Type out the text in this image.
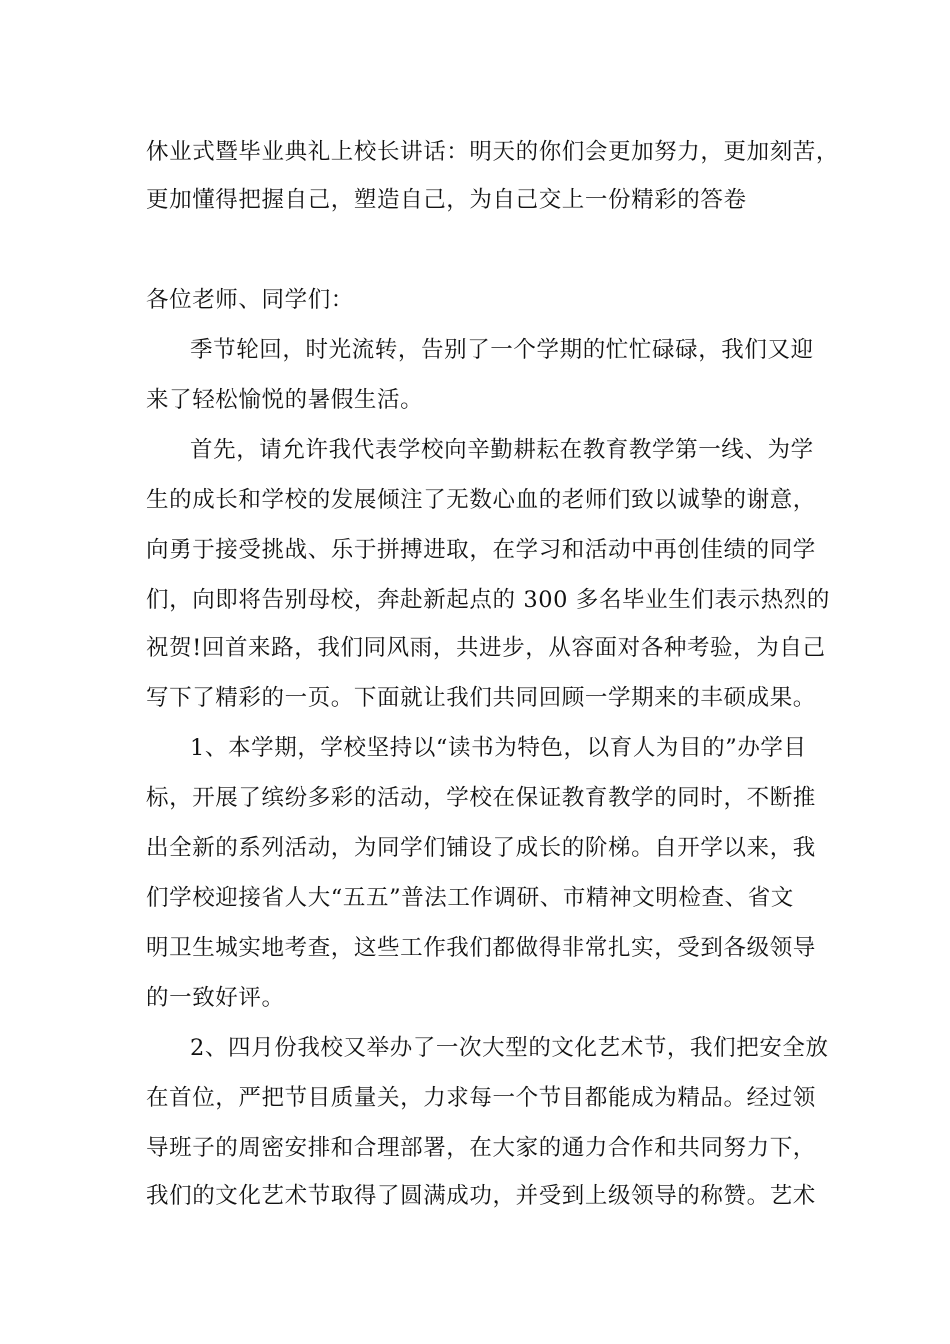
休业式暨毕业典礼上校长讲话：明天的你们会更加努力，更加刻苦，
更加懂得把握自己，塑造自己，为自己交上一份精彩的答卷
各位老师、同学们：
季节轮回，时光流转，告别了一个学期的忙忙碌碌，我们又迎
来了轻松愉悦的暑假生活。
首先，请允许我代表学校向辛勤耕耘在教育教学第一线、为学
生的成长和学校的发展倾注了无数心血的老师们致以诚挚的谢意，
向勇于接受挑战、乐于拼搏进取，在学习和活动中再创佳绩的同学
们，向即将告别母校，奔赴新起点的 300 多名毕业生们表示热烈的
祝贺!回首来路，我们同风雨，共进步，从容面对各种考验，为自己
写下了精彩的一页。下面就让我们共同回顾一学期来的丰硕成果。
1、本学期，学校坚持以“读书为特色，以育人为目的”办学目
标，开展了缤纷多彩的活动，学校在保证教育教学的同时，不断推
出全新的系列活动，为同学们铺设了成长的阶梯。自开学以来，我
们学校迎接省人大“五五”普法工作调研、市精神文明检查、省文
明卫生城实地考查，这些工作我们都做得非常扎实，受到各级领导
的一致好评。
2、四月份我校又举办了一次大型的文化艺术节，我们把安全放
在首位，严把节目质量关，力求每一个节目都能成为精品。经过领
导班子的周密安排和合理部署，在大家的通力合作和共同努力下，
我们的文化艺术节取得了圆满成功，并受到上级领导的称赞。艺术
